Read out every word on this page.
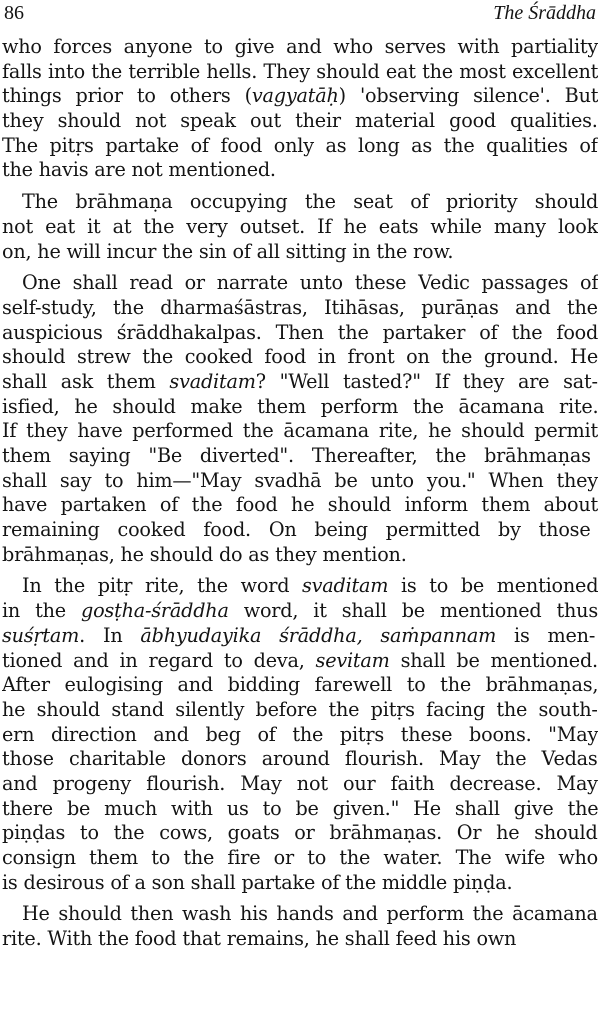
86	The Śrāddha
who forces anyone to give and who serves with partiality
falls into the terrible hells. They should eat the most excellent
things prior to others (vagyatāḥ) 'observing silence'. But
they should not speak out their material good qualities.
The pitṛs partake of food only as long as the qualities of
the havis are not mentioned.
The brāhmaṇa occupying the seat of priority should
not eat it at the very outset. If he eats while many look
on, he will incur the sin of all sitting in the row.
One shall read or narrate unto these Vedic passages of
self-study, the dharmaśāstras, Itihāsas, purāṇas and the
auspicious śrāddhakalpas. Then the partaker of the food
should strew the cooked food in front on the ground. He
shall ask them svaditam? "Well tasted?" If they are sat-
isfied, he should make them perform the ācamana rite.
If they have performed the ācamana rite, he should permit
them saying "Be diverted". Thereafter, the brāhmaṇas
shall say to him—"May svadhā be unto you." When they
have partaken of the food he should inform them about
remaining cooked food. On being permitted by those
brāhmaṇas, he should do as they mention.
In the pitṛ rite, the word svaditam is to be mentioned
in the gosṭha-śrāddha word, it shall be mentioned thus
suśṛtam. In ābhyudayika śrāddha, saṁpannam is men-
tioned and in regard to deva, sevitam shall be mentioned.
After eulogising and bidding farewell to the brāhmaṇas,
he should stand silently before the pitṛs facing the south-
ern direction and beg of the pitṛs these boons. "May
those charitable donors around flourish. May the Vedas
and progeny flourish. May not our faith decrease. May
there be much with us to be given." He shall give the
piṇḍas to the cows, goats or brāhmaṇas. Or he should
consign them to the fire or to the water. The wife who
is desirous of a son shall partake of the middle piṇḍa.
He should then wash his hands and perform the ācamana
rite. With the food that remains, he shall feed his own
